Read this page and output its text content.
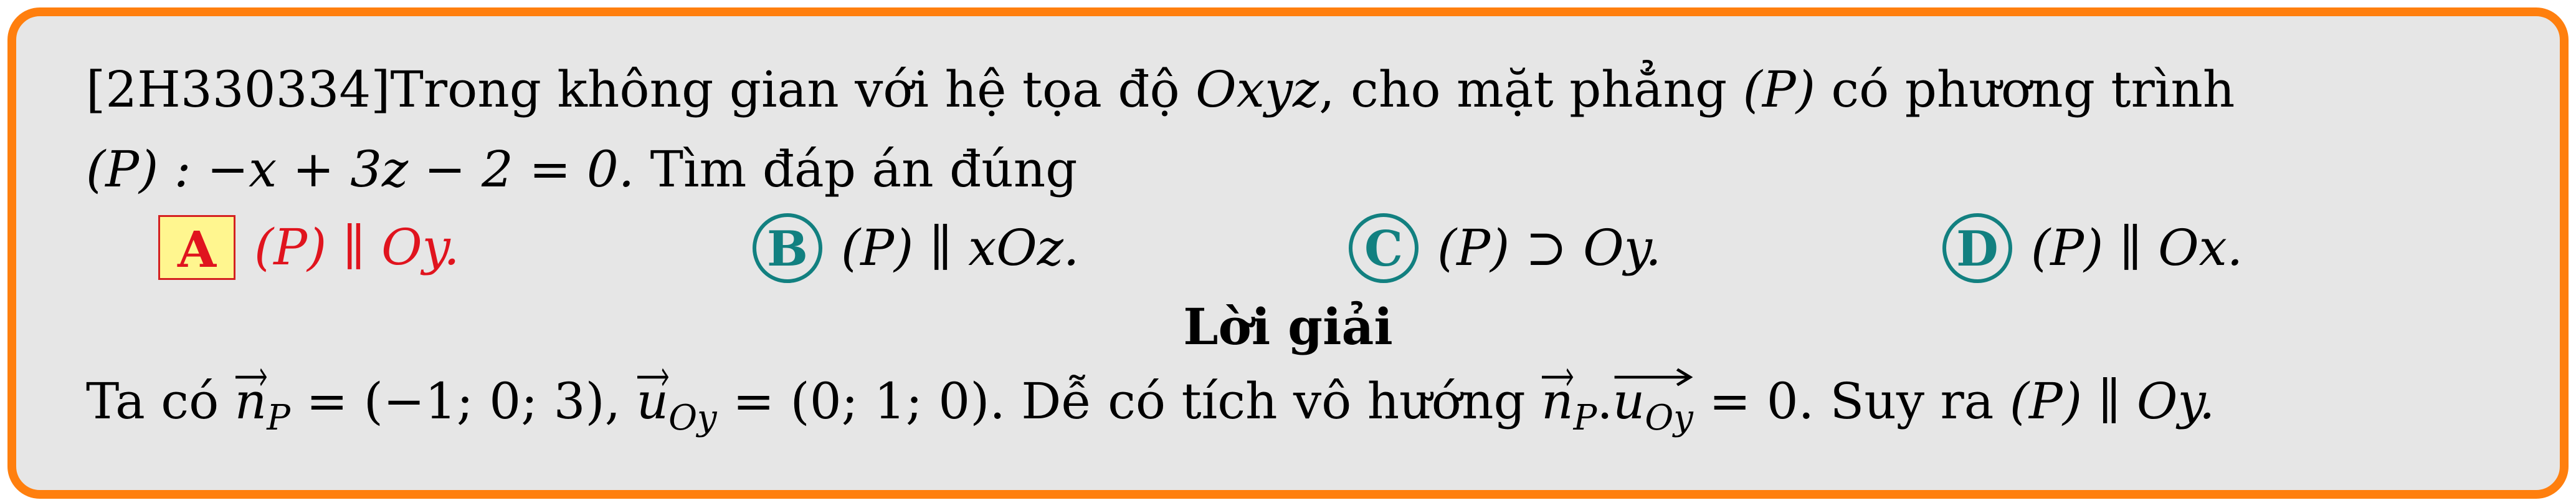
[2H330334]Trong không gian với hệ tọa độ Oxyz, cho mặt phẳng (P) có phương trình
(P) : −x + 3z − 2 = 0. Tìm đáp án đúng
A (P) ∥ Oy.	B (P) ∥ xOz.	C (P) ⊃ Oy.	D (P) ∥ Ox.
Lời giải
Ta có
$n_P = (-1$; 0; 3),
$u_{Oy} = (0$; 1; 0). Dễ có tích vô hướng
$n_P$.
$u_{Oy} = 0$. Suy ra (P) ∥ Oy.
